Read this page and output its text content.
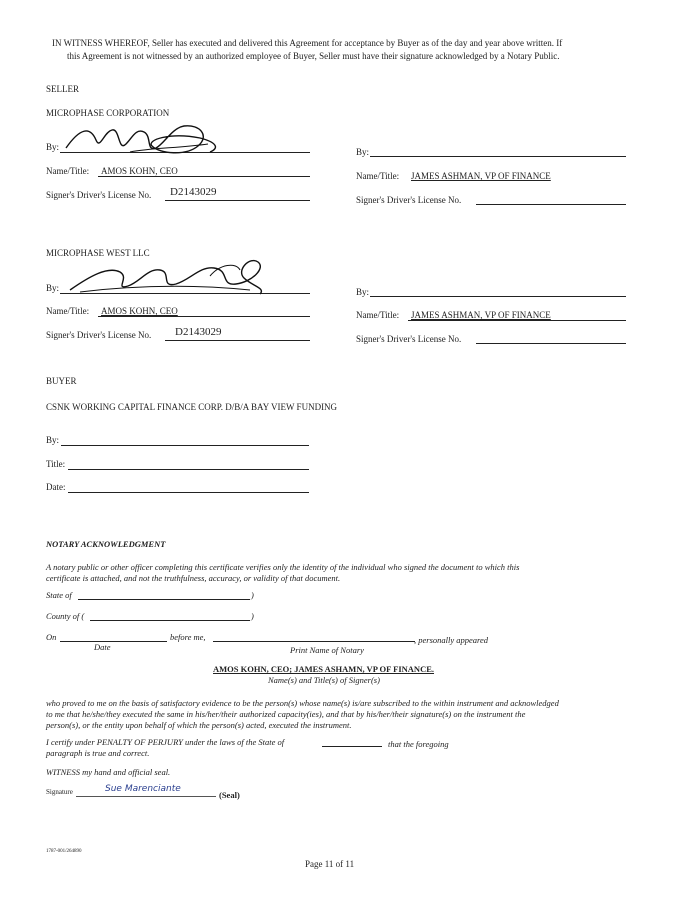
IN WITNESS WHEREOF, Seller has executed and delivered this Agreement for acceptance by Buyer as of the day and year above written. If
this Agreement is not witnessed by an authorized employee of Buyer, Seller must have their signature acknowledged by a Notary Public.
SELLER
MICROPHASE CORPORATION
By:
Name/Title: AMOS KOHN, CEO
Signer's Driver's License No. D2143029
By:
Name/Title: JAMES ASHMAN, VP OF FINANCE
Signer's Driver's License No.
MICROPHASE WEST LLC
By:
Name/Title: AMOS KOHN, CEO
Signer's Driver's License No. D2143029
By:
Name/Title: JAMES ASHMAN, VP OF FINANCE
Signer's Driver's License No.
BUYER
CSNK WORKING CAPITAL FINANCE CORP. D/B/A BAY VIEW FUNDING
By:
Title:
Date:
NOTARY ACKNOWLEDGMENT
A notary public or other officer completing this certificate verifies only the identity of the individual who signed the document to which this
certificate is attached, and not the truthfulness, accuracy, or validity of that document.
State of	)
County of (	)
On	before me,	, personally appeared
Date	Print Name of Notary
AMOS KOHN, CEO; JAMES ASHAMN, VP OF FINANCE.
Name(s) and Title(s) of Signer(s)
who proved to me on the basis of satisfactory evidence to be the person(s) whose name(s) is/are subscribed to the within instrument and acknowledged
to me that he/she/they executed the same in his/her/their authorized capacity(ies), and that by his/her/their signature(s) on the instrument the
person(s), or the entity upon behalf of which the person(s) acted, executed the instrument.
I certify under PENALTY OF PERJURY under the laws of the State of	that the foregoing
paragraph is true and correct.
WITNESS my hand and official seal.
Signature	Sue Marenciante
(Seal)
1787-001/264890
Page 11 of 11
